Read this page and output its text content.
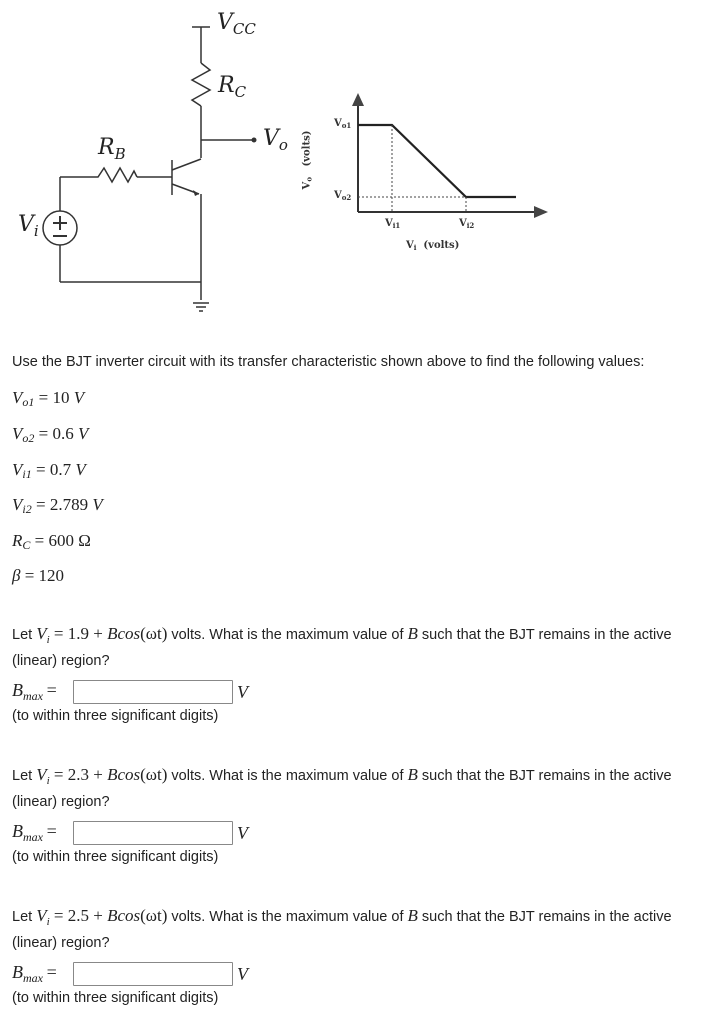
$V_{CC}$
$R_C$
$V_o$
$R_B$
$V_i$
$V_{o1}$
$V_{o2}$
$V_{i1}$	$V_{i2}$
$V_i$ (volts)
$V_o$   (volts)
Use the BJT inverter circuit with its transfer characteristic shown above to find the following values:
$V_{o1} = 10$ V
$V_{o2} = 0.6$ V
$V_{i1} = 0.7$ V
$V_{i2} = 2.789$ V
$R_C = 600$ Ω
β = 120
Let $V_i = 1.9 + Bcos(\omega t)$ volts. What is the maximum value of B such that the BJT remains in the active (linear) region?
$B_{max}$ =	V
(to within three significant digits)
Let $V_i = 2.3 + Bcos(\omega t)$ volts. What is the maximum value of B such that the BJT remains in the active (linear) region?
$B_{max}$ =	V
(to within three significant digits)
Let $V_i = 2.5 + Bcos(\omega t)$ volts. What is the maximum value of B such that the BJT remains in the active (linear) region?
$B_{max}$ =	V
(to within three significant digits)
